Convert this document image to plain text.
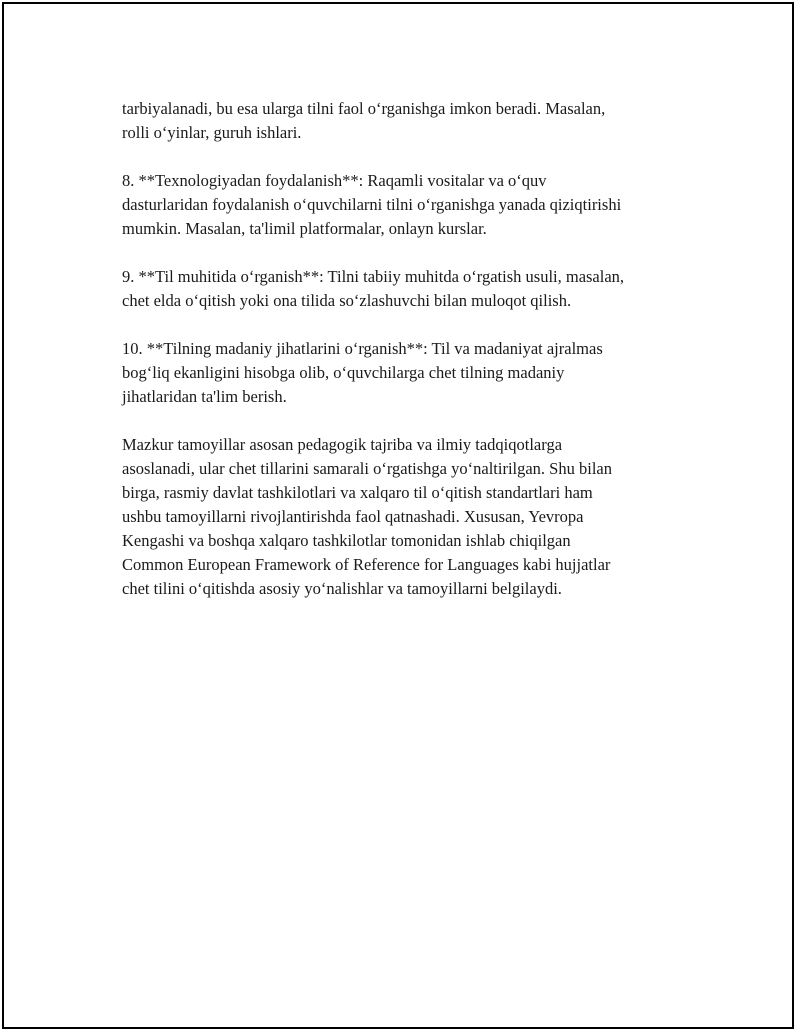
tarbiyalanadi, bu esa ularga tilni faol o‘rganishga imkon beradi. Masalan,
rolli o‘yinlar, guruh ishlari.

8. **Texnologiyadan foydalanish**: Raqamli vositalar va o‘quv
dasturlaridan foydalanish o‘quvchilarni tilni o‘rganishga yanada qiziqtirishi
mumkin. Masalan, ta'limil platformalar, onlayn kurslar.

9. **Til muhitida o‘rganish**: Tilni tabiiy muhitda o‘rgatish usuli, masalan,
chet elda o‘qitish yoki ona tilida so‘zlashuvchi bilan muloqot qilish.

10. **Tilning madaniy jihatlarini o‘rganish**: Til va madaniyat ajralmas
bog‘liq ekanligini hisobga olib, o‘quvchilarga chet tilning madaniy
jihatlaridan ta'lim berish.

Mazkur tamoyillar asosan pedagogik tajriba va ilmiy tadqiqotlarga
asoslanadi, ular chet tillarini samarali o‘rgatishga yo‘naltirilgan. Shu bilan
birga, rasmiy davlat tashkilotlari va xalqaro til o‘qitish standartlari ham
ushbu tamoyillarni rivojlantirishda faol qatnashadi. Xususan, Yevropa
Kengashi va boshqa xalqaro tashkilotlar tomonidan ishlab chiqilgan
Common European Framework of Reference for Languages kabi hujjatlar
chet tilini o‘qitishda asosiy yo‘nalishlar va tamoyillarni belgilaydi.
